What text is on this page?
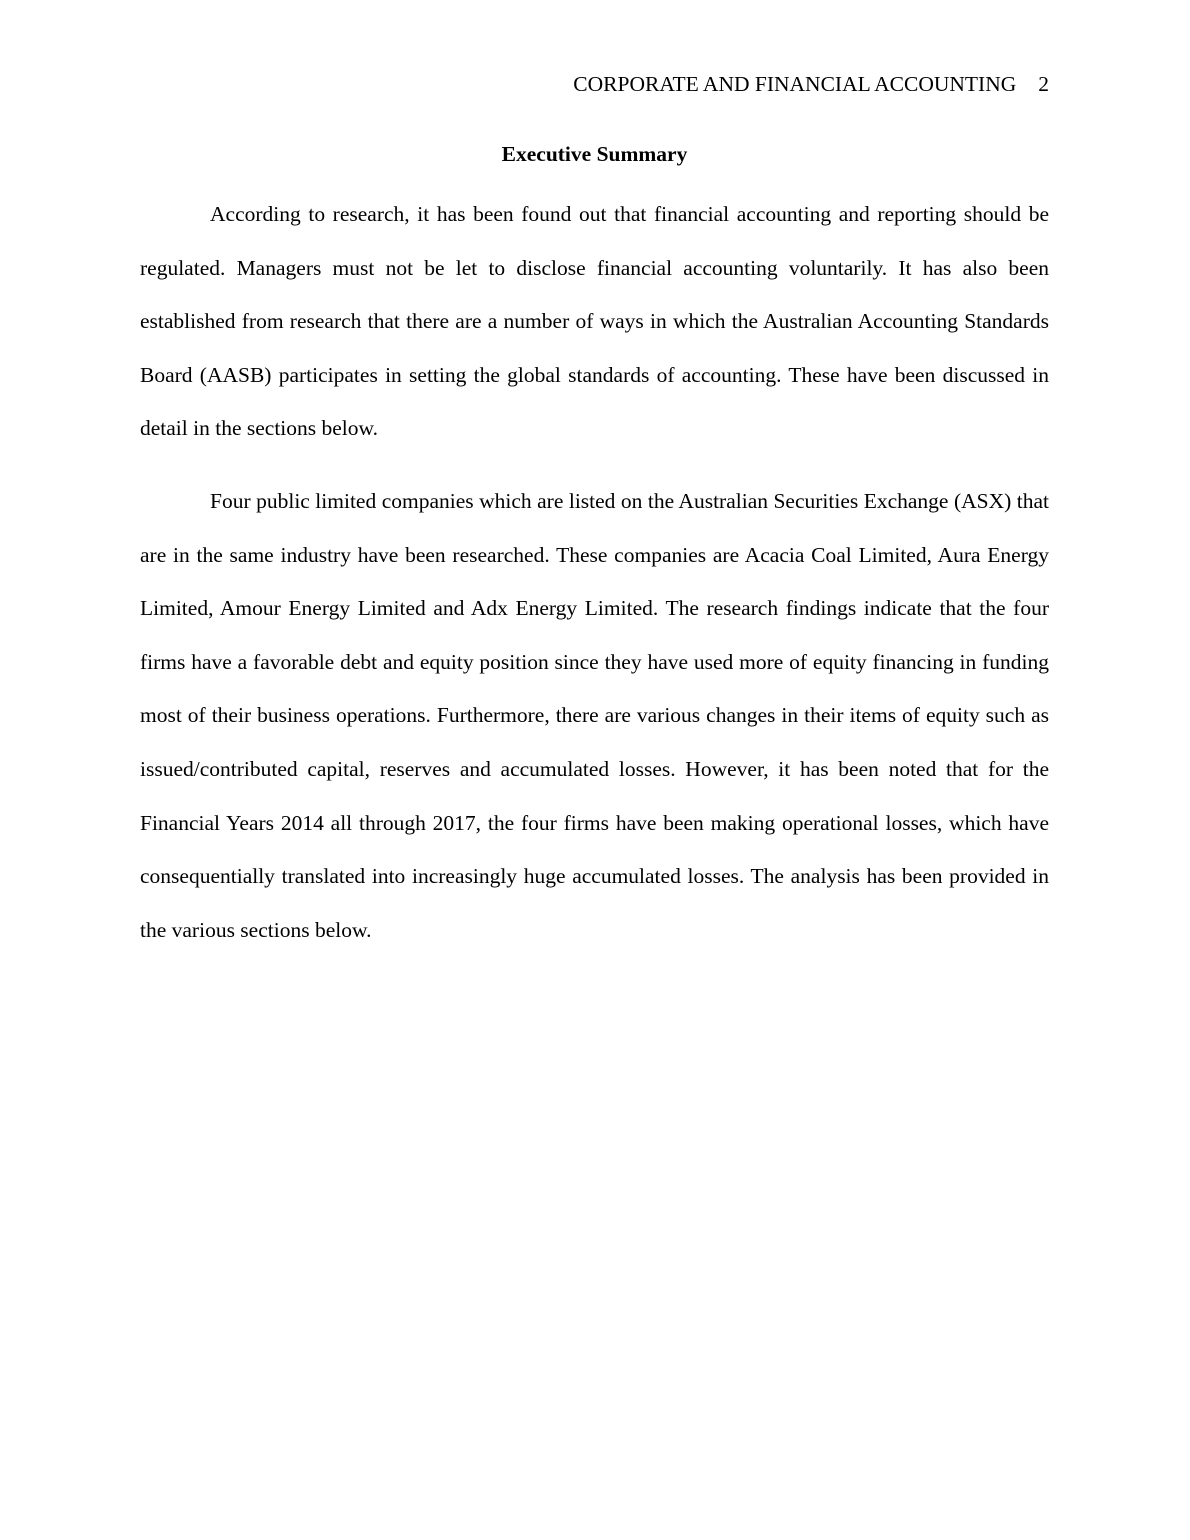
CORPORATE AND FINANCIAL ACCOUNTING 2
Executive Summary

According to research, it has been found out that financial accounting and reporting should be regulated. Managers must not be let to disclose financial accounting voluntarily. It has also been established from research that there are a number of ways in which the Australian Accounting Standards Board (AASB) participates in setting the global standards of accounting. These have been discussed in detail in the sections below.

Four public limited companies which are listed on the Australian Securities Exchange (ASX) that are in the same industry have been researched. These companies are Acacia Coal Limited, Aura Energy Limited, Amour Energy Limited and Adx Energy Limited. The research findings indicate that the four firms have a favorable debt and equity position since they have used more of equity financing in funding most of their business operations. Furthermore, there are various changes in their items of equity such as issued/contributed capital, reserves and accumulated losses. However, it has been noted that for the Financial Years 2014 all through 2017, the four firms have been making operational losses, which have consequentially translated into increasingly huge accumulated losses. The analysis has been provided in the various sections below.
